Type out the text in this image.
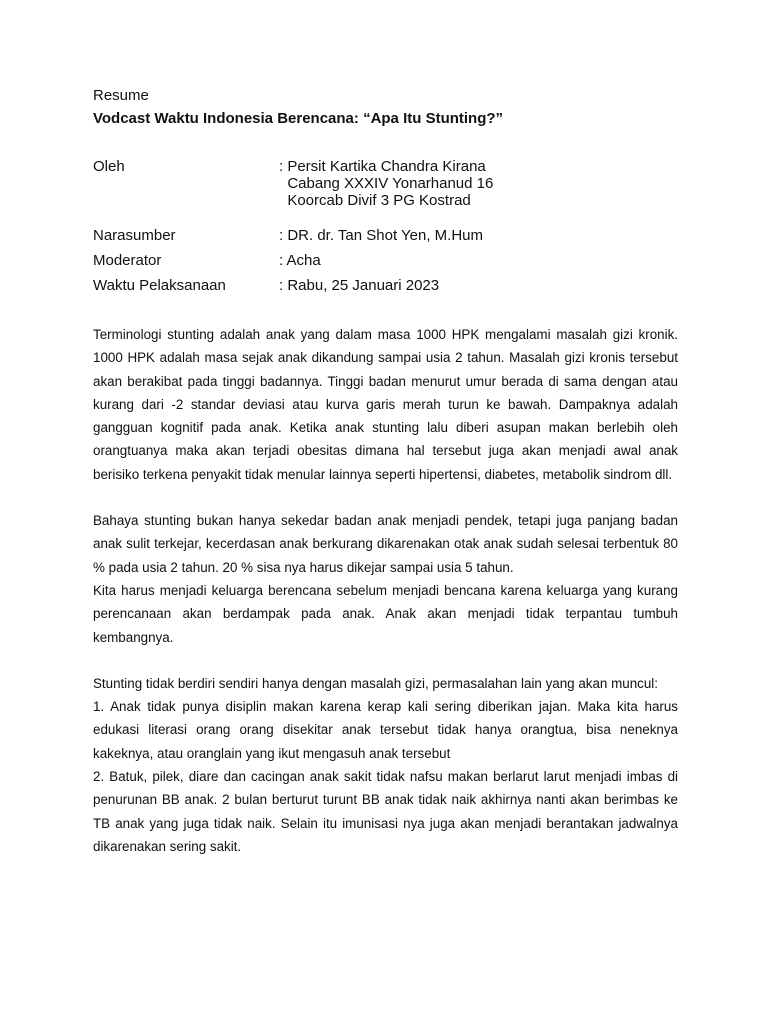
Resume

Vodcast Waktu Indonesia Berencana: “Apa Itu Stunting?”

Oleh	: Persit Kartika Chandra Kirana
Cabang XXXIV Yonarhanud 16
Koorcab Divif 3 PG Kostrad
Narasumber	: DR. dr. Tan Shot Yen, M.Hum
Moderator	: Acha
Waktu Pelaksanaan	: Rabu, 25 Januari 2023

Terminologi stunting adalah anak yang dalam masa 1000 HPK mengalami masalah gizi kronik. 1000 HPK adalah masa sejak anak dikandung sampai usia 2 tahun. Masalah gizi kronis tersebut akan berakibat pada tinggi badannya. Tinggi badan menurut umur berada di sama dengan atau kurang dari -2 standar deviasi atau kurva garis merah turun ke bawah. Dampaknya adalah gangguan kognitif pada anak. Ketika anak stunting lalu diberi asupan makan berlebih oleh orangtuanya maka akan terjadi obesitas dimana hal tersebut juga akan menjadi awal anak berisiko terkena penyakit tidak menular lainnya seperti hipertensi, diabetes, metabolik sindrom dll.

Bahaya stunting bukan hanya sekedar badan anak menjadi pendek, tetapi juga panjang badan anak sulit terkejar, kecerdasan anak berkurang dikarenakan otak anak sudah selesai terbentuk 80 % pada usia 2 tahun. 20 % sisa nya harus dikejar sampai usia 5 tahun.

Kita harus menjadi keluarga berencana sebelum menjadi bencana karena keluarga yang kurang perencanaan akan berdampak pada anak. Anak akan menjadi tidak terpantau tumbuh kembangnya.

Stunting tidak berdiri sendiri hanya dengan masalah gizi, permasalahan lain yang akan muncul:

1. Anak tidak punya disiplin makan karena kerap kali sering diberikan jajan. Maka kita harus edukasi literasi orang orang disekitar anak tersebut tidak hanya orangtua, bisa neneknya kakeknya, atau oranglain yang ikut mengasuh anak tersebut

2. Batuk, pilek, diare dan cacingan anak sakit tidak nafsu makan berlarut larut menjadi imbas di penurunan BB anak. 2 bulan berturut turunt BB anak tidak naik akhirnya nanti akan berimbas ke TB anak yang juga tidak naik. Selain itu imunisasi nya juga akan menjadi berantakan jadwalnya dikarenakan sering sakit.
